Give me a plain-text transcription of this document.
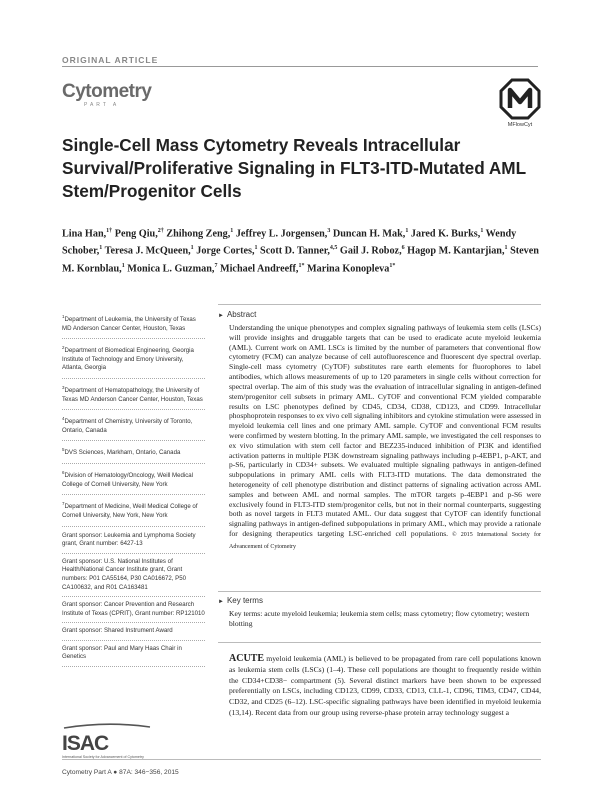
ORIGINAL ARTICLE
Cytometry
PART A
MFlowCyt
Single-Cell Mass Cytometry Reveals Intracellular Survival/Proliferative Signaling in FLT3-ITD-Mutated AML Stem/Progenitor Cells
Lina Han,$^{1\dagger}$ Peng Qiu,$^{2\dagger}$ Zhihong Zeng,$^1$ Jeffrey L. Jorgensen,$^3$ Duncan H. Mak,$^1$ Jared K. Burks,$^1$ Wendy Schober,$^1$ Teresa J. McQueen,$^1$ Jorge Cortes,$^1$ Scott D. Tanner,$^{4,5}$ Gail J. Roboz,$^6$ Hagop M. Kantarjian,$^1$ Steven M. Kornblau,$^1$ Monica L. Guzman,$^7$ Michael Andreeff,$^{1*}$ Marina Konopleva$^{1*}$
$^1$Department of Leukemia, the University of Texas MD Anderson Cancer Center, Houston, Texas
$^2$Department of Biomedical Engineering, Georgia Institute of Technology and Emory University, Atlanta, Georgia
$^3$Department of Hematopathology, the University of Texas MD Anderson Cancer Center, Houston, Texas
$^4$Department of Chemistry, University of Toronto, Ontario, Canada
$^5$DVS Sciences, Markham, Ontario, Canada
$^6$Division of Hematology/Oncology, Weill Medical College of Cornell University, New York
$^7$Department of Medicine, Weill Medical College of Cornell University, New York, New York
Grant sponsor: Leukemia and Lymphoma Society grant, Grant number: 6427-13
Grant sponsor: U.S. National Institutes of Health/National Cancer Institute grant, Grant numbers: P01 CA55164, P30 CA016672, P50 CA100632, and R01 CA163481
Grant sponsor: Cancer Prevention and Research Institute of Texas (CPRIT), Grant number: RP121010
Grant sponsor: Shared Instrument Award
Grant sponsor: Paul and Mary Haas Chair in Genetics
ISAC
International Society for Advancement of Cytometry
► Abstract
Understanding the unique phenotypes and complex signaling pathways of leukemia stem cells (LSCs) will provide insights and druggable targets that can be used to eradicate acute myeloid leukemia (AML). Current work on AML LSCs is limited by the number of parameters that conventional flow cytometry (FCM) can analyze because of cell autofluorescence and fluorescent dye spectral overlap. Single-cell mass cytometry (CyTOF) substitutes rare earth elements for fluorophores to label antibodies, which allows measurements of up to 120 parameters in single cells without correction for spectral overlap. The aim of this study was the evaluation of intracellular signaling in antigen-defined stem/progenitor cell subsets in primary AML. CyTOF and conventional FCM yielded comparable results on LSC phenotypes defined by CD45, CD34, CD38, CD123, and CD99. Intracellular phosphoprotein responses to ex vivo cell signaling inhibitors and cytokine stimulation were assessed in myeloid leukemia cell lines and one primary AML sample. CyTOF and conventional FCM results were confirmed by western blotting. In the primary AML sample, we investigated the cell responses to ex vivo stimulation with stem cell factor and BEZ235-induced inhibition of PI3K and identified activation patterns in multiple PI3K downstream signaling pathways including p-4EBP1, p-AKT, and p-S6, particularly in CD34+ subsets. We evaluated multiple signaling pathways in antigen-defined subpopulations in primary AML cells with FLT3-ITD mutations. The data demonstrated the heterogeneity of cell phenotype distribution and distinct patterns of signaling activation across AML samples and between AML and normal samples. The mTOR targets p-4EBP1 and p-S6 were exclusively found in FLT3-ITD stem/progenitor cells, but not in their normal counterparts, suggesting both as novel targets in FLT3 mutated AML. Our data suggest that CyTOF can identify functional signaling pathways in antigen-defined subpopulations in primary AML, which may provide a rationale for designing therapeutics targeting LSC-enriched cell populations. © 2015 International Society for Advancement of Cytometry
► Key terms
Key terms: acute myeloid leukemia; leukemia stem cells; mass cytometry; flow cytometry; western blotting
ACUTE myeloid leukemia (AML) is believed to be propagated from rare cell populations known as leukemia stem cells (LSCs) (1–4). These cell populations are thought to frequently reside within the CD34+CD38− compartment (5). Several distinct markers have been shown to be expressed preferentially on LSCs, including CD123, CD99, CD33, CD13, CLL-1, CD96, TIM3, CD47, CD44, CD32, and CD25 (6–12). LSC-specific signaling pathways have been identified in myeloid leukemia (13,14). Recent data from our group using reverse-phase protein array technology suggest a
Cytometry Part A ● 87A: 346−356, 2015
